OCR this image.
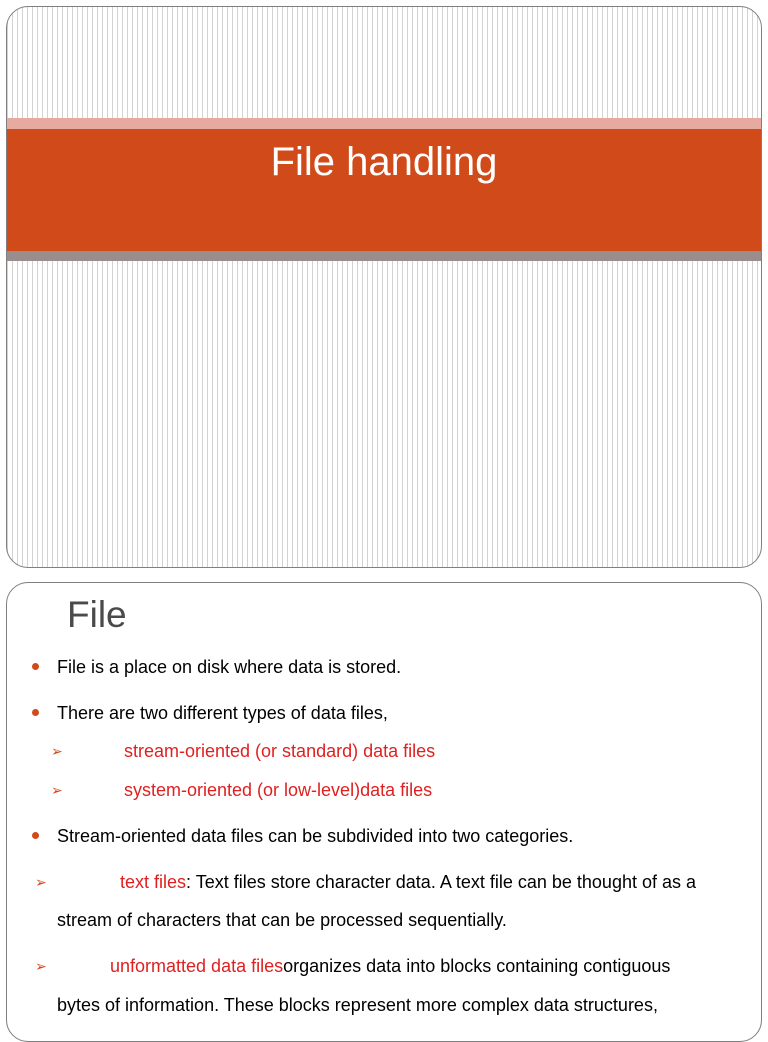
File handling
File
File is a place on disk where data is stored.
There are two different types of data files,
➢	stream-oriented (or standard) data files
➢	system-oriented (or low-level)data files
Stream-oriented data files can be subdivided into two categories.
➢	text files: Text files store character data. A text file can be thought of as a
stream of characters that can be processed sequentially.
➢	unformatted data filesorganizes data into blocks containing contiguous
bytes of information. These blocks represent more complex data structures,
